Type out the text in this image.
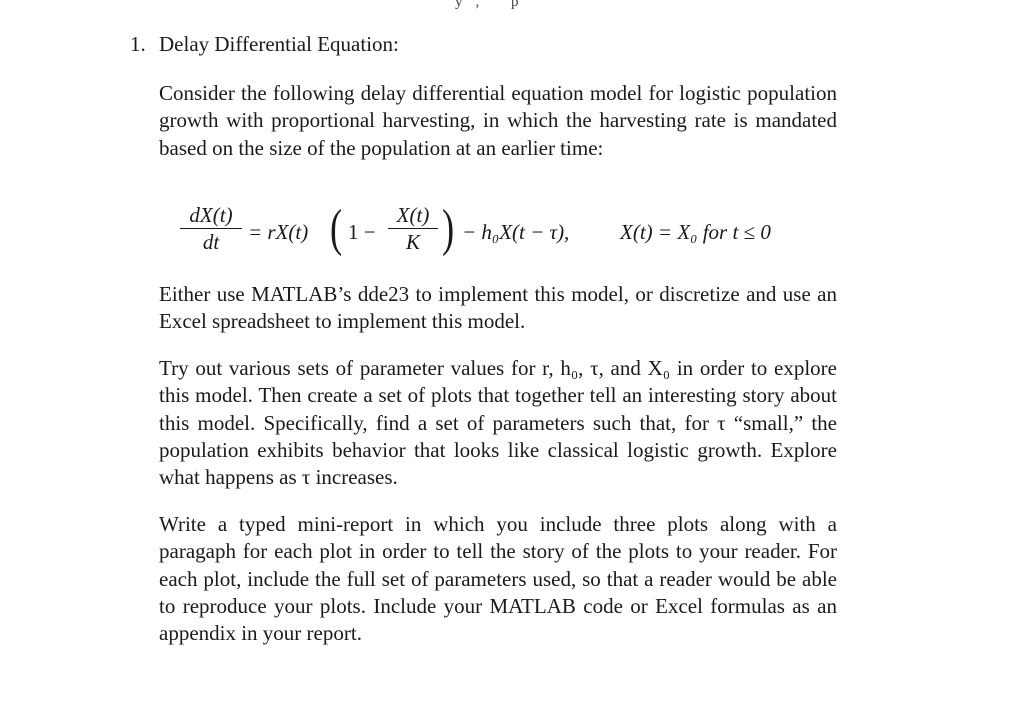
y, p
1. Delay Differential Equation:

Consider the following delay differential equation model for logistic population growth with proportional harvesting, in which the harvesting rate is mandated based on the size of the population at an earlier time:

dX(t)
dt	= rX(t) ( 1 −
X(t)
K ) − h₀X(t − τ), X(t) = X₀ for t ≤ 0

Either use MATLAB’s dde23 to implement this model, or discretize and use an Excel spreadsheet to implement this model.

Try out various sets of parameter values for r, h₀, τ, and X₀ in order to explore this model. Then create a set of plots that together tell an interesting story about this model. Specifically, find a set of parameters such that, for τ “small,” the population exhibits behavior that looks like classical logistic growth. Explore what happens as τ increases.

Write a typed mini-report in which you include three plots along with a paragaph for each plot in order to tell the story of the plots to your reader. For each plot, include the full set of parameters used, so that a reader would be able to reproduce your plots. Include your MATLAB code or Excel formulas as an appendix in your report.
